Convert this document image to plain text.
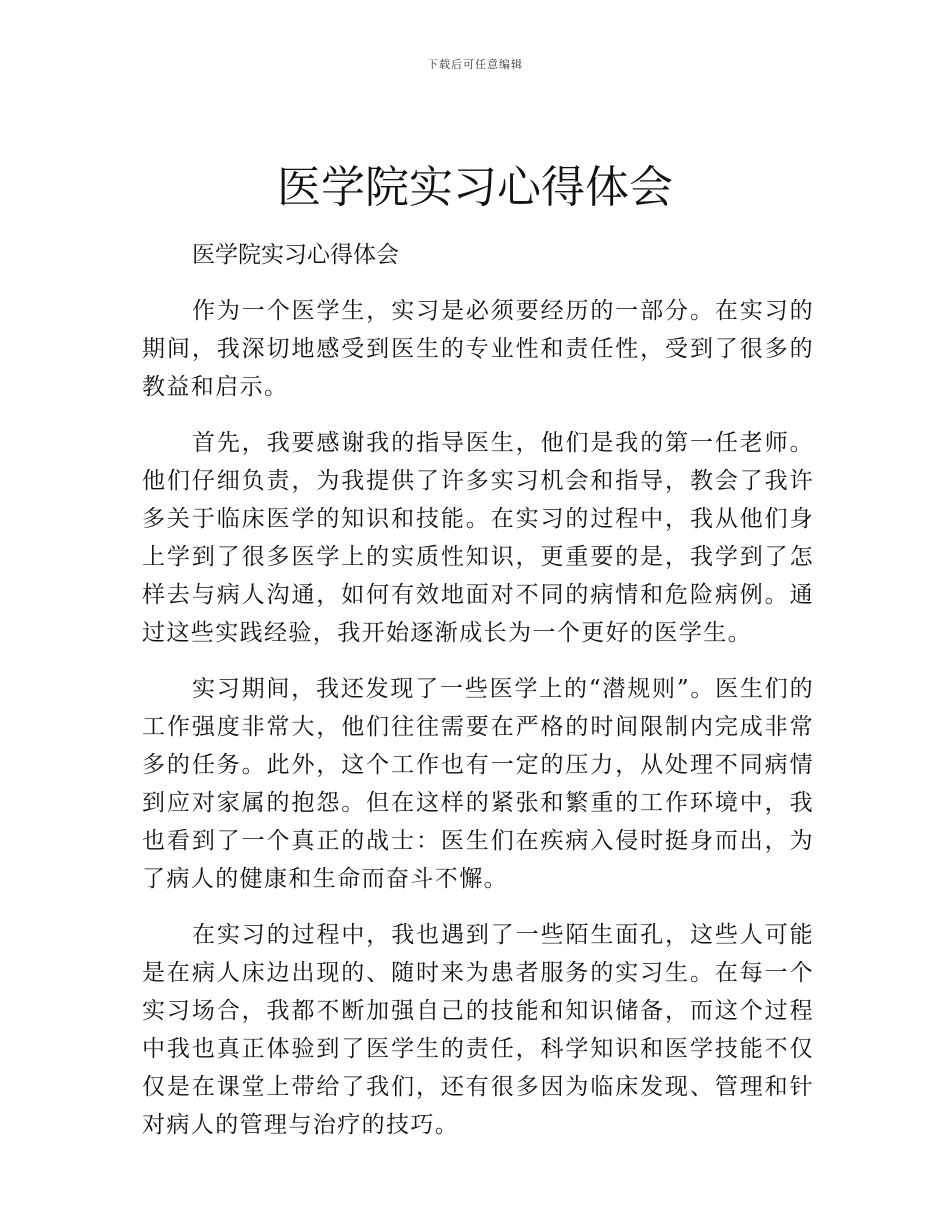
下载后可任意编辑
医学院实习心得体会

医学院实习心得体会

作为一个医学生，实习是必须要经历的一部分。在实习的期间，我深切地感受到医生的专业性和责任性，受到了很多的教益和启示。

首先，我要感谢我的指导医生，他们是我的第一任老师。他们仔细负责，为我提供了许多实习机会和指导，教会了我许多关于临床医学的知识和技能。在实习的过程中，我从他们身上学到了很多医学上的实质性知识，更重要的是，我学到了怎样去与病人沟通，如何有效地面对不同的病情和危险病例。通过这些实践经验，我开始逐渐成长为一个更好的医学生。

实习期间，我还发现了一些医学上的“潜规则”。医生们的工作强度非常大，他们往往需要在严格的时间限制内完成非常多的任务。此外，这个工作也有一定的压力，从处理不同病情到应对家属的抱怨。但在这样的紧张和繁重的工作环境中，我也看到了一个真正的战士：医生们在疾病入侵时挺身而出，为了病人的健康和生命而奋斗不懈。

在实习的过程中，我也遇到了一些陌生面孔，这些人可能是在病人床边出现的、随时来为患者服务的实习生。在每一个实习场合，我都不断加强自己的技能和知识储备，而这个过程中我也真正体验到了医学生的责任，科学知识和医学技能不仅仅是在课堂上带给了我们，还有很多因为临床发现、管理和针对病人的管理与治疗的技巧。
